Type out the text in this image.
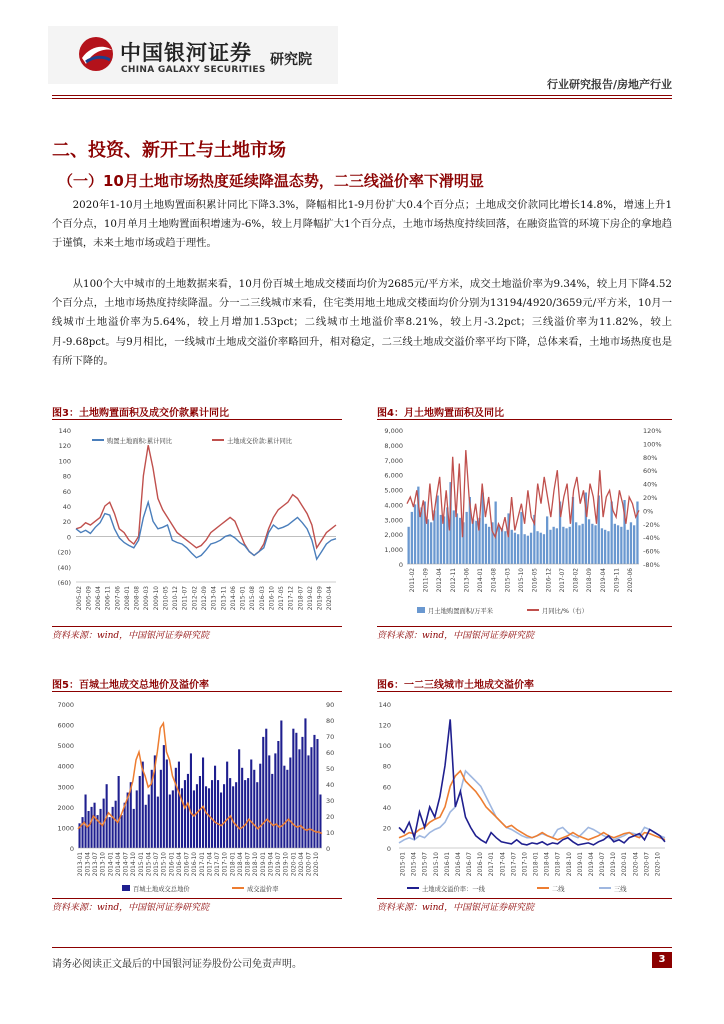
中国银河证券
CHINA GALAXY SECURITIES
研究院
行业研究报告/房地产行业
二、投资、新开工与土地市场
（一）10月土地市场热度延续降温态势，二三线溢价率下滑明显

2020年1-10月土地购置面积累计同比下降3.3%，降幅相比1-9月份扩大0.4个百分点；土地成交价款同比增长14.8%，增速上升1个百分点，10月单月土地购置面积增速为-6%，较上月降幅扩大1个百分点，土地市场热度持续回落，在融资监管的环境下房企的拿地趋于谨慎，未来土地市场或趋于理性。

从100个大中城市的土地数据来看，10月份百城土地成交楼面均价为2685元/平方米，成交土地溢价率为9.34%，较上月下降4.52个百分点，土地市场热度持续降温。分一二三线城市来看，住宅类用地土地成交楼面均价分别为13194/4920/3659元/平方米，10月一线城市土地溢价率为5.64%，较上月增加1.53pct；二线城市土地溢价率8.21%，较上月-3.2pct；三线溢价率为11.82%，较上月-9.68pct。与9月相比，一线城市土地成交溢价率略回升，相对稳定，二三线土地成交溢价率平均下降，总体来看，土地市场热度也是有所下降的。

图3：土地购置面积及成交价款累计同比
140
120
100
80
60
40
20
0
(20)
(40)
(60)
2005-02 2005-09 2006-04 2006-11 2007-06 2008-01 2008-08 2009-03 2009-10 2010-05 2010-12 2011-07 2012-02 2012-09 2013-04 2013-11 2014-06 2015-01 2015-08 2016-03 2016-10 2017-05 2017-12 2018-07 2019-02 2019-09 2020-04
购置土地面积:累计同比	土地成交价款:累计同比
资料来源：wind，中国银河证券研究院
图4：月土地购置面积及同比
9,000
8,000
7,000
6,000
5,000
4,000
3,000
2,000
1,000
0
120%
100%
80%
60%
40%
20%
0%
-20%
-40%
-60%
-80%
2011-02 2011-09 2012-04 2012-11 2013-06 2014-01 2014-08 2015-03 2015-10 2016-05 2016-12 2017-07 2018-02 2018-09 2019-04 2019-11 2020-06
月土地购置面积/万平米	月同比/%（右）
资料来源：wind，中国银河证券研究院
图5：百城土地成交总地价及溢价率
7000
6000
5000
4000
3000
2000
1000
0
90
80
70
60
50
40
30
20
10
0
2013-01 2013-04 2013-07 2013-10 2014-01 2014-04 2014-07 2014-10 2015-01 2015-04 2015-07 2015-10 2016-01 2016-04 2016-07 2016-10 2017-01 2017-04 2017-07 2017-10 2018-01 2018-04 2018-07 2018-10 2019-01 2019-04 2019-07 2019-10 2020-01 2020-04 2020-07 2020-10
百城土地成交总地价	成交溢价率
资料来源：wind，中国银河证券研究院
图6：一二三线城市土地成交溢价率
140
120
100
80
60
40
20
0
2015-01 2015-04 2015-07 2015-10 2016-01 2016-04 2016-07 2016-10 2017-01 2017-04 2017-07 2017-10 2018-01 2018-04 2018-07 2018-10 2019-01 2019-04 2019-07 2019-10 2020-01 2020-04 2020-07 2020-10
土地成交溢价率：一线	二线	三线
资料来源：wind，中国银河证券研究院
请务必阅读正文最后的中国银河证券股份公司免责声明。	3
